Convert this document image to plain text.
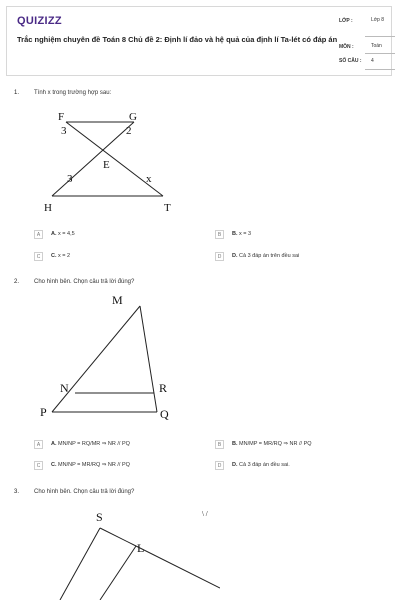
QUIZIZZ
Trắc nghiệm chuyên đề Toán 8 Chủ đề 2: Định lí đảo và hệ quả của định lí Ta-lét có đáp án
LỚP :	Lớp 8
MÔN :	Toán
SỐ CÂU : 4
1. Tính x trong trường hợp sau:
F	G
3	2
E
3	x
H	T
A	A. x = 4,5	B	B. x = 3
C	C. x = 2	D	D. Cả 3 đáp án trên đều sai
2. Cho hình bên. Chọn câu trả lời đúng?
M
N	R
P	Q
A	A. MN/NP = RQ/MR ⇒ NR // PQ	B	B. MN/MP = MR/RQ ⇒ NR // PQ
C	C. MN/NP = MR/RQ ⇒ NR // PQ	D	D. Cả 3 đáp án đều sai.
3. Cho hình bên. Chọn câu trả lời đúng?
S
L
\ /
